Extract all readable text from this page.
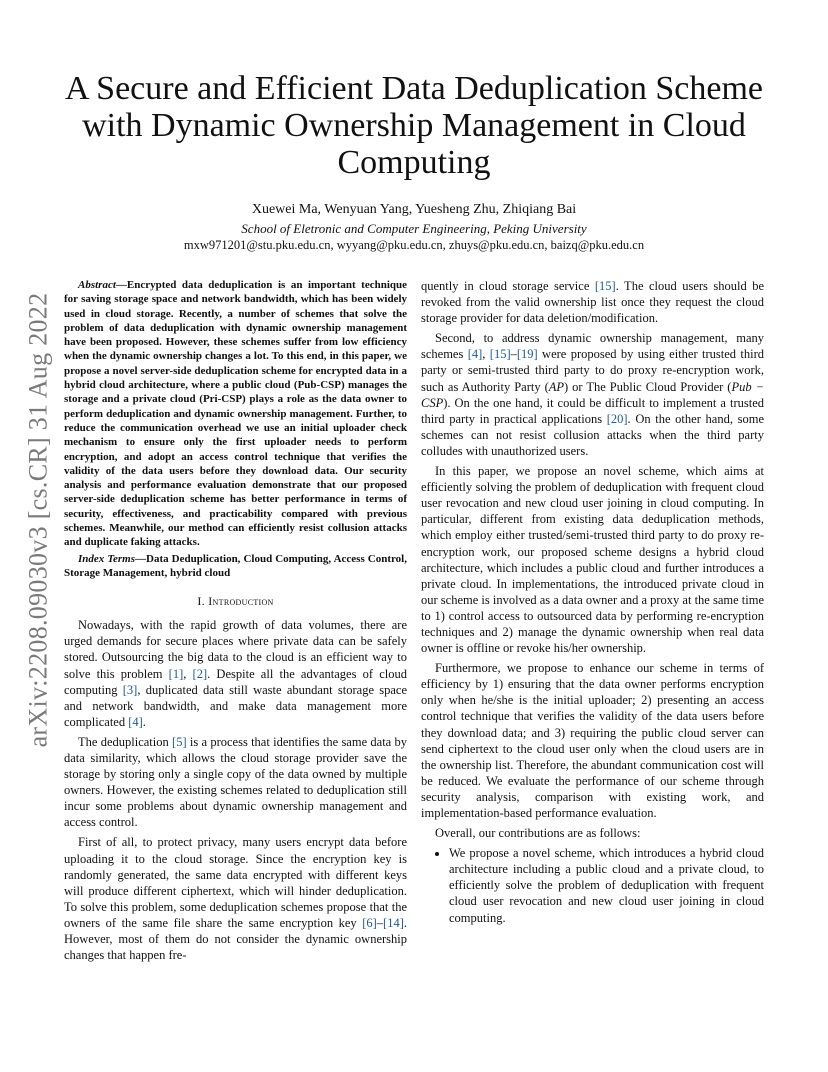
arXiv:2208.09030v3 [cs.CR] 31 Aug 2022
A Secure and Efficient Data Deduplication Scheme with Dynamic Ownership Management in Cloud Computing
Xuewei Ma, Wenyuan Yang, Yuesheng Zhu, Zhiqiang Bai
School of Eletronic and Computer Engineering, Peking University
mxw971201@stu.pku.edu.cn, wyyang@pku.edu.cn, zhuys@pku.edu.cn, baizq@pku.edu.cn

Abstract—Encrypted data deduplication is an important technique for saving storage space and network bandwidth, which has been widely used in cloud storage. Recently, a number of schemes that solve the problem of data deduplication with dynamic ownership management have been proposed. However, these schemes suffer from low efficiency when the dynamic ownership changes a lot. To this end, in this paper, we propose a novel server-side deduplication scheme for encrypted data in a hybrid cloud architecture, where a public cloud (Pub-CSP) manages the storage and a private cloud (Pri-CSP) plays a role as the data owner to perform deduplication and dynamic ownership management. Further, to reduce the communication overhead we use an initial uploader check mechanism to ensure only the first uploader needs to perform encryption, and adopt an access control technique that verifies the validity of the data users before they download data. Our security analysis and performance evaluation demonstrate that our proposed server-side deduplication scheme has better performance in terms of security, effectiveness, and practicability compared with previous schemes. Meanwhile, our method can efficiently resist collusion attacks and duplicate faking attacks.

Index Terms—Data Deduplication, Cloud Computing, Access Control, Storage Management, hybrid cloud

I. Introduction

Nowadays, with the rapid growth of data volumes, there are urged demands for secure places where private data can be safely stored. Outsourcing the big data to the cloud is an efficient way to solve this problem [1], [2]. Despite all the advantages of cloud computing [3], duplicated data still waste abundant storage space and network bandwidth, and make data management more complicated [4].

The deduplication [5] is a process that identifies the same data by data similarity, which allows the cloud storage provider save the storage by storing only a single copy of the data owned by multiple owners. However, the existing schemes related to deduplication still incur some problems about dynamic ownership management and access control.

First of all, to protect privacy, many users encrypt data before uploading it to the cloud storage. Since the encryption key is randomly generated, the same data encrypted with different keys will produce different ciphertext, which will hinder deduplication. To solve this problem, some deduplication schemes propose that the owners of the same file share the same encryption key [6]–[14]. However, most of them do not consider the dynamic ownership changes that happen fre-

quently in cloud storage service [15]. The cloud users should be revoked from the valid ownership list once they request the cloud storage provider for data deletion/modification.

Second, to address dynamic ownership management, many schemes [4], [15]–[19] were proposed by using either trusted third party or semi-trusted third party to do proxy re-encryption work, such as Authority Party (AP) or The Public Cloud Provider (Pub − CSP). On the one hand, it could be difficult to implement a trusted third party in practical applications [20]. On the other hand, some schemes can not resist collusion attacks when the third party colludes with unauthorized users.

In this paper, we propose an novel scheme, which aims at efficiently solving the problem of deduplication with frequent cloud user revocation and new cloud user joining in cloud computing. In particular, different from existing data deduplication methods, which employ either trusted/semi-trusted third party to do proxy re-encryption work, our proposed scheme designs a hybrid cloud architecture, which includes a public cloud and further introduces a private cloud. In implementations, the introduced private cloud in our scheme is involved as a data owner and a proxy at the same time to 1) control access to outsourced data by performing re-encryption techniques and 2) manage the dynamic ownership when real data owner is offline or revoke his/her ownership.

Furthermore, we propose to enhance our scheme in terms of efficiency by 1) ensuring that the data owner performs encryption only when he/she is the initial uploader; 2) presenting an access control technique that verifies the validity of the data users before they download data; and 3) requiring the public cloud server can send ciphertext to the cloud user only when the cloud users are in the ownership list. Therefore, the abundant communication cost will be reduced. We evaluate the performance of our scheme through security analysis, comparison with existing work, and implementation-based performance evaluation.

Overall, our contributions are as follows:

• We propose a novel scheme, which introduces a hybrid cloud architecture including a public cloud and a private cloud, to efficiently solve the problem of deduplication with frequent cloud user revocation and new cloud user joining in cloud computing.
